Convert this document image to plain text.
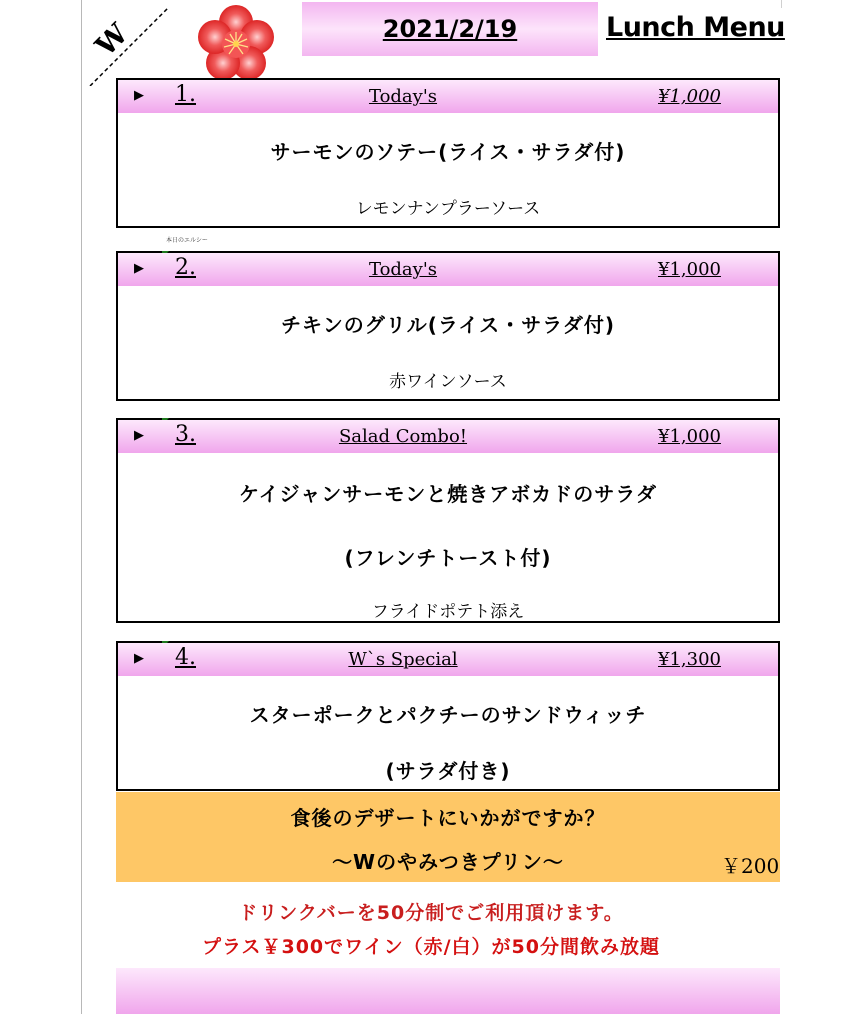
W	2021/2/19	Lunch Menu
▶ 1.	Today's	¥1,000
サーモンのソテー(ライス・サラダ付)
レモンナンプラーソース
本日のエルシー
▶ 2.	Today's	¥1,000
チキンのグリル(ライス・サラダ付)
赤ワインソース
▶ 3.	Salad Combo!	¥1,000
ケイジャンサーモンと焼きアボカドのサラダ
(フレンチトースト付)
フライドポテト添え
▶ 4.	W`s Special	¥1,300
スターポークとパクチーのサンドウィッチ
(サラダ付き)
食後のデザートにいかがですか？
～Wのやみつきプリン～	￥200
ドリンクバーを50分制でご利用頂けます。
プラス￥300でワイン（赤/白）が50分間飲み放題
